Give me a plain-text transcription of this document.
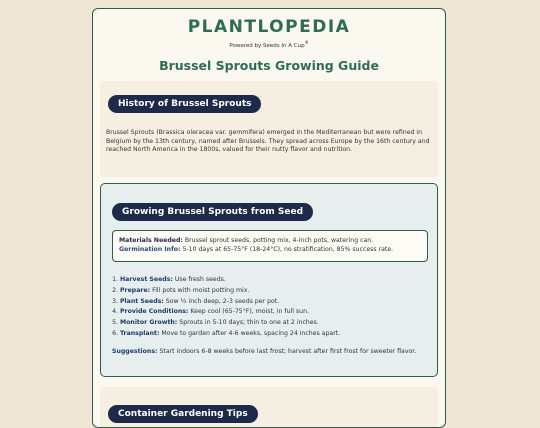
PLANTLOPEDIA
Powered by Seeds In A Cup®
Brussel Sprouts Growing Guide
History of Brussel Sprouts

Brussel Sprouts (Brassica oleracea var. gemmifera) emerged in the Mediterranean but were refined in Belgium by the 13th century, named after Brussels. They spread across Europe by the 16th century and reached North America in the 1800s, valued for their nutty flavor and nutrition.

Growing Brussel Sprouts from Seed
Materials Needed: Brussel sprout seeds, potting mix, 4-inch pots, watering can.
Germination Info: 5-10 days at 65-75°F (18-24°C), no stratification, 85% success rate.
1. Harvest Seeds: Use fresh seeds.
2. Prepare: Fill pots with moist potting mix.
3. Plant Seeds: Sow ½ inch deep, 2-3 seeds per pot.
4. Provide Conditions: Keep cool (65-75°F), moist, in full sun.
5. Monitor Growth: Sprouts in 5-10 days; thin to one at 2 inches.
6. Transplant: Move to garden after 4-6 weeks, spacing 24 inches apart.
Suggestions: Start indoors 6-8 weeks before last frost; harvest after first frost for sweeter flavor.
Container Gardening Tips
